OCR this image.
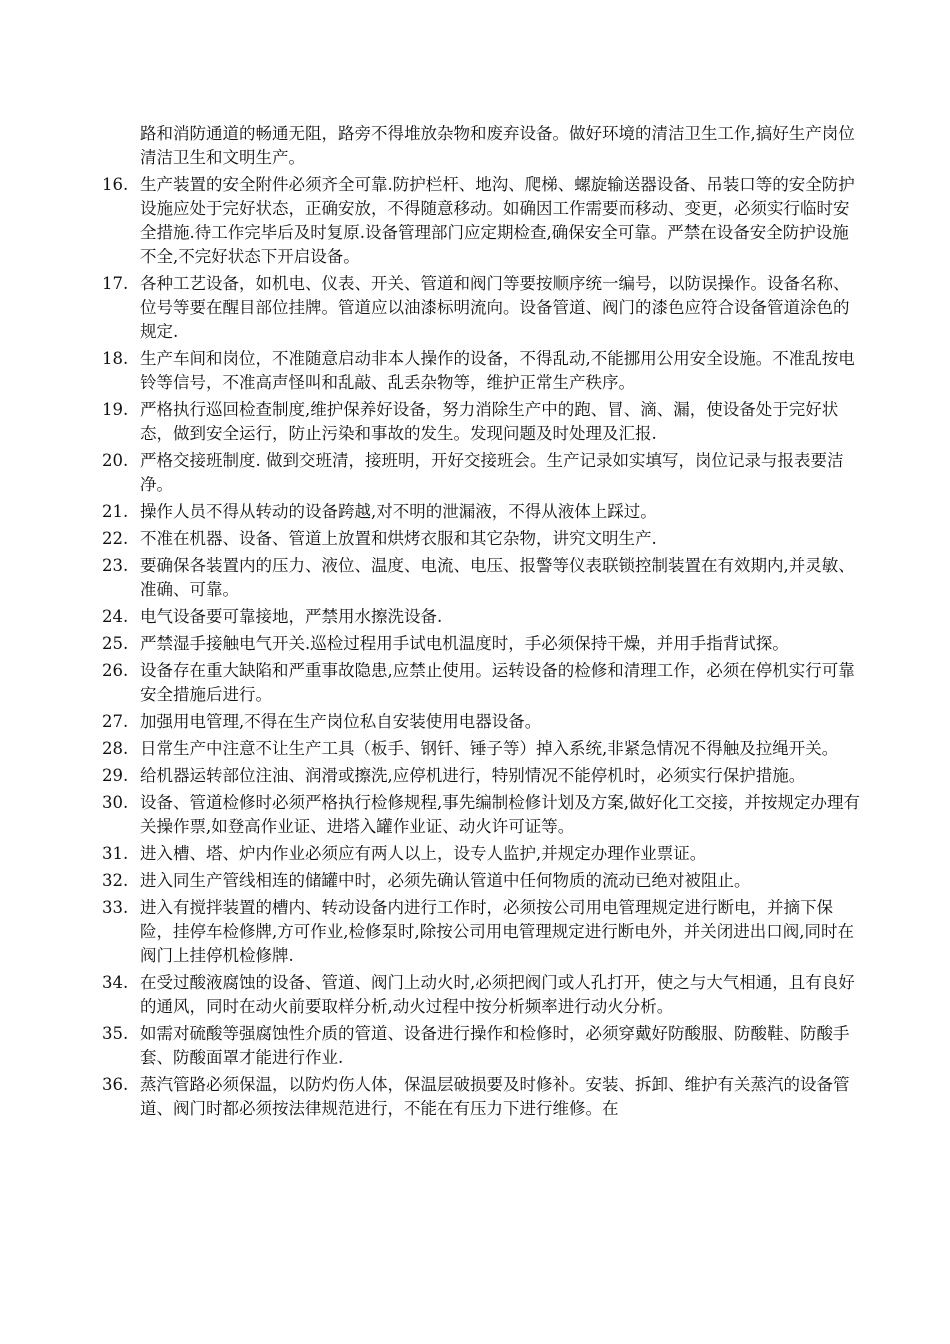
路和消防通道的畅通无阻，路旁不得堆放杂物和废弃设备。做好环境的清洁卫生工作,搞好生产岗位清洁卫生和文明生产。

16. 生产装置的安全附件必须齐全可靠.防护栏杆、地沟、爬梯、螺旋输送器设备、吊装口等的安全防护设施应处于完好状态，正确安放，不得随意移动。如确因工作需要而移动、变更，必须实行临时安全措施.待工作完毕后及时复原.设备管理部门应定期检查,确保安全可靠。严禁在设备安全防护设施不全,不完好状态下开启设备。
17. 各种工艺设备，如机电、仪表、开关、管道和阀门等要按顺序统一编号，以防误操作。设备名称、位号等要在醒目部位挂牌。管道应以油漆标明流向。设备管道、阀门的漆色应符合设备管道涂色的规定.
18. 生产车间和岗位，不准随意启动非本人操作的设备，不得乱动,不能挪用公用安全设施。不准乱按电铃等信号，不准高声怪叫和乱敲、乱丢杂物等，维护正常生产秩序。
19. 严格执行巡回检查制度,维护保养好设备，努力消除生产中的跑、冒、滴、漏，使设备处于完好状态，做到安全运行，防止污染和事故的发生。发现问题及时处理及汇报.
20. 严格交接班制度. 做到交班清，接班明，开好交接班会。生产记录如实填写，岗位记录与报表要洁净。
21. 操作人员不得从转动的设备跨越,对不明的泄漏液，不得从液体上踩过。
22. 不准在机器、设备、管道上放置和烘烤衣服和其它杂物，讲究文明生产.
23. 要确保各装置内的压力、液位、温度、电流、电压、报警等仪表联锁控制装置在有效期内,并灵敏、准确、可靠。
24. 电气设备要可靠接地，严禁用水擦洗设备.
25. 严禁湿手接触电气开关.巡检过程用手试电机温度时，手必须保持干燥，并用手指背试探。
26. 设备存在重大缺陷和严重事故隐患,应禁止使用。运转设备的检修和清理工作，必须在停机实行可靠安全措施后进行。
27. 加强用电管理,不得在生产岗位私自安装使用电器设备。
28. 日常生产中注意不让生产工具（板手、钢钎、锤子等）掉入系统,非紧急情况不得触及拉绳开关。
29. 给机器运转部位注油、润滑或擦洗,应停机进行，特别情况不能停机时，必须实行保护措施。
30. 设备、管道检修时必须严格执行检修规程,事先编制检修计划及方案,做好化工交接，并按规定办理有关操作票,如登高作业证、进塔入罐作业证、动火许可证等。
31. 进入槽、塔、炉内作业必须应有两人以上，设专人监护,并规定办理作业票证。
32. 进入同生产管线相连的储罐中时，必须先确认管道中任何物质的流动已绝对被阻止。
33. 进入有搅拌装置的槽内、转动设备内进行工作时，必须按公司用电管理规定进行断电，并摘下保险，挂停车检修牌,方可作业,检修泵时,除按公司用电管理规定进行断电外，并关闭进出口阀,同时在阀门上挂停机检修牌.
34. 在受过酸液腐蚀的设备、管道、阀门上动火时,必须把阀门或人孔打开，使之与大气相通，且有良好的通风，同时在动火前要取样分析,动火过程中按分析频率进行动火分析。
35. 如需对硫酸等强腐蚀性介质的管道、设备进行操作和检修时，必须穿戴好防酸服、防酸鞋、防酸手套、防酸面罩才能进行作业.
36. 蒸汽管路必须保温，以防灼伤人体，保温层破损要及时修补。安装、拆卸、维护有关蒸汽的设备管道、阀门时都必须按法律规范进行，不能在有压力下进行维修。在
